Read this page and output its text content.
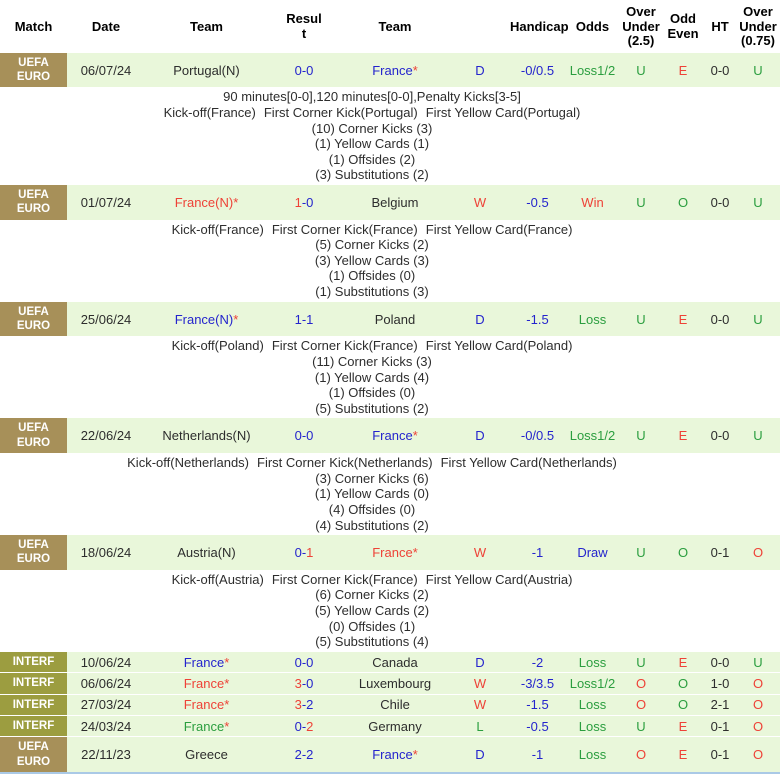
Match	Date	Team	Result	Team		Handicap	Odds	Over Under (2.5)	Odd Even	HT	Over Under (0.75)
UEFA EURO	06/07/24	Portugal(N)	0-0	France*	D	-0/0.5	Loss1/2	U	E	0-0	U

90 minutes[0-0],120 minutes[0-0],Penalty Kicks[3-5]
Kick-off(France) First Corner Kick(Portugal) First Yellow Card(Portugal)
(10) Corner Kicks (3)
(1) Yellow Cards (1)
(1) Offsides (2)
(3) Substitutions (2)

UEFA EURO	01/07/24	France(N)*	1-0	Belgium	W	-0.5	Win	U	O	0-0	U

Kick-off(France) First Corner Kick(France) First Yellow Card(France)
(5) Corner Kicks (2)
(3) Yellow Cards (3)
(1) Offsides (0)
(1) Substitutions (3)											

UEFA EURO	25/06/24	France(N)*	1-1	Poland	D	-1.5	Loss	U	E	0-0	U

Kick-off(Poland) First Corner Kick(France) First Yellow Card(Poland)
(11) Corner Kicks (3)
(1) Yellow Cards (4)
(1) Offsides (0)
(5) Substitutions (2)											

UEFA EURO	22/06/24	Netherlands(N)	0-0	France*	D	-0/0.5	Loss1/2	U	E	0-0	U

Kick-off(Netherlands) First Corner Kick(Netherlands) First Yellow Card(Netherlands)
(3) Corner Kicks (6)
(1) Yellow Cards (0)
(4) Offsides (0)
(4) Substitutions (2)											

UEFA EURO	18/06/24	Austria(N)	0-1	France*	W	-1	Draw	U	O	0-1	O

Kick-off(Austria) First Corner Kick(France) First Yellow Card(Austria)
(6) Corner Kicks (2)
(5) Yellow Cards (2)
(0) Offsides (1)
(5) Substitutions (4)											

INTERF	10/06/24	France*	0-0	Canada	D	-2	Loss	U	E	0-0	U
INTERF	06/06/24	France*	3-0	Luxembourg	W	-3/3.5	Loss1/2	O	O	1-0	O
INTERF	27/03/24	France*	3-2	Chile	W	-1.5	Loss	O	O	2-1	O
INTERF	24/03/24	France*	0-2	Germany	L	-0.5	Loss	U	E	0-1	O
UEFA EURO	22/11/23	Greece	2-2	France*	D	-1	Loss	O	E	0-1	O
